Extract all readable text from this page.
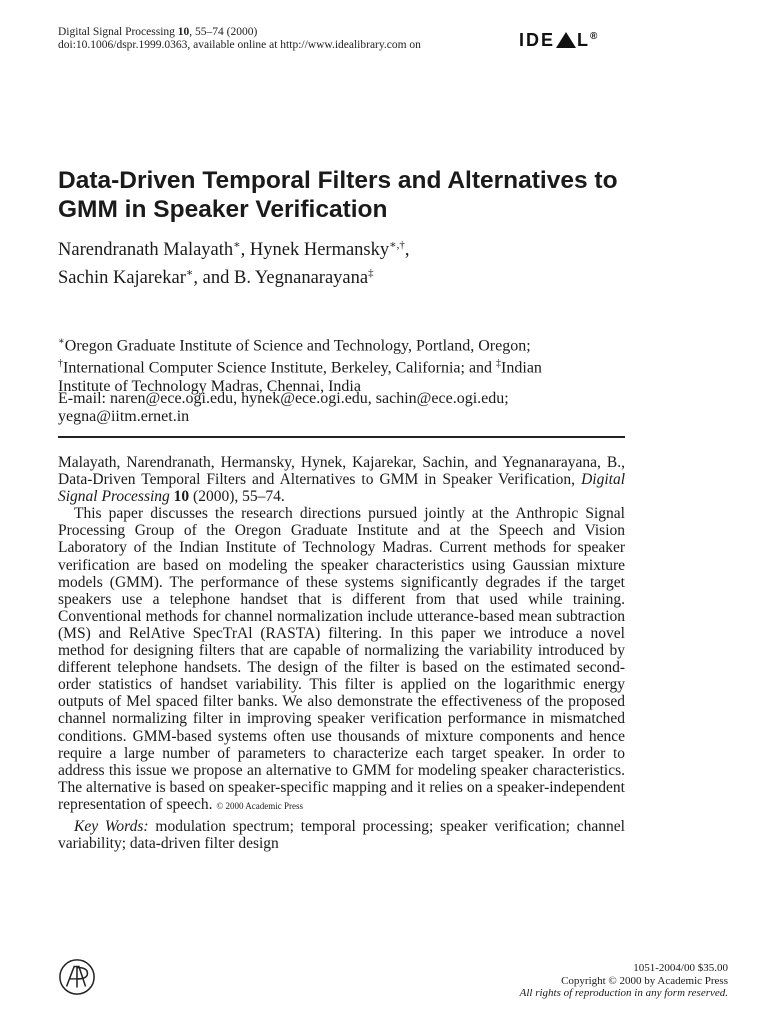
Digital Signal Processing 10, 55–74 (2000)
doi:10.1006/dspr.1999.0363, available online at http://www.idealibrary.com on	IDE L®
Data-Driven Temporal Filters and Alternatives to
GMM in Speaker Verification
Narendranath Malayath∗, Hynek Hermansky∗,†,
Sachin Kajarekar∗, and B. Yegnanarayana‡
∗Oregon Graduate Institute of Science and Technology, Portland, Oregon;
†International Computer Science Institute, Berkeley, California; and ‡Indian
Institute of Technology Madras, Chennai, India
E-mail: naren@ece.ogi.edu, hynek@ece.ogi.edu, sachin@ece.ogi.edu;
yegna@iitm.ernet.in

Malayath, Narendranath, Hermansky, Hynek, Kajarekar, Sachin, and Yegnanarayana, B., Data-Driven Temporal Filters and Alternatives to GMM in Speaker Verification, Digital Signal Processing 10 (2000), 55–74.

This paper discusses the research directions pursued jointly at the Anthropic Signal Processing Group of the Oregon Graduate Institute and at the Speech and Vision Laboratory of the Indian Institute of Technology Madras. Current methods for speaker verification are based on modeling the speaker characteristics using Gaussian mixture models (GMM). The performance of these systems significantly degrades if the target speakers use a telephone handset that is different from that used while training. Conventional methods for channel normalization include utterance-based mean subtraction (MS) and RelAtive SpecTrAl (RASTA) filtering. In this paper we introduce a novel method for designing filters that are capable of normalizing the variability introduced by different telephone handsets. The design of the filter is based on the estimated second-order statistics of handset variability. This filter is applied on the logarithmic energy outputs of Mel spaced filter banks. We also demonstrate the effectiveness of the proposed channel normalizing filter in improving speaker verification performance in mismatched conditions. GMM-based systems often use thousands of mixture components and hence require a large number of parameters to characterize each target speaker. In order to address this issue we propose an alternative to GMM for modeling speaker characteristics. The alternative is based on speaker-specific mapping and it relies on a speaker-independent representation of speech. © 2000 Academic Press

Key Words: modulation spectrum; temporal processing; speaker verification; channel variability; data-driven filter design

1051-2004/00 $35.00
Copyright © 2000 by Academic Press
All rights of reproduction in any form reserved.
